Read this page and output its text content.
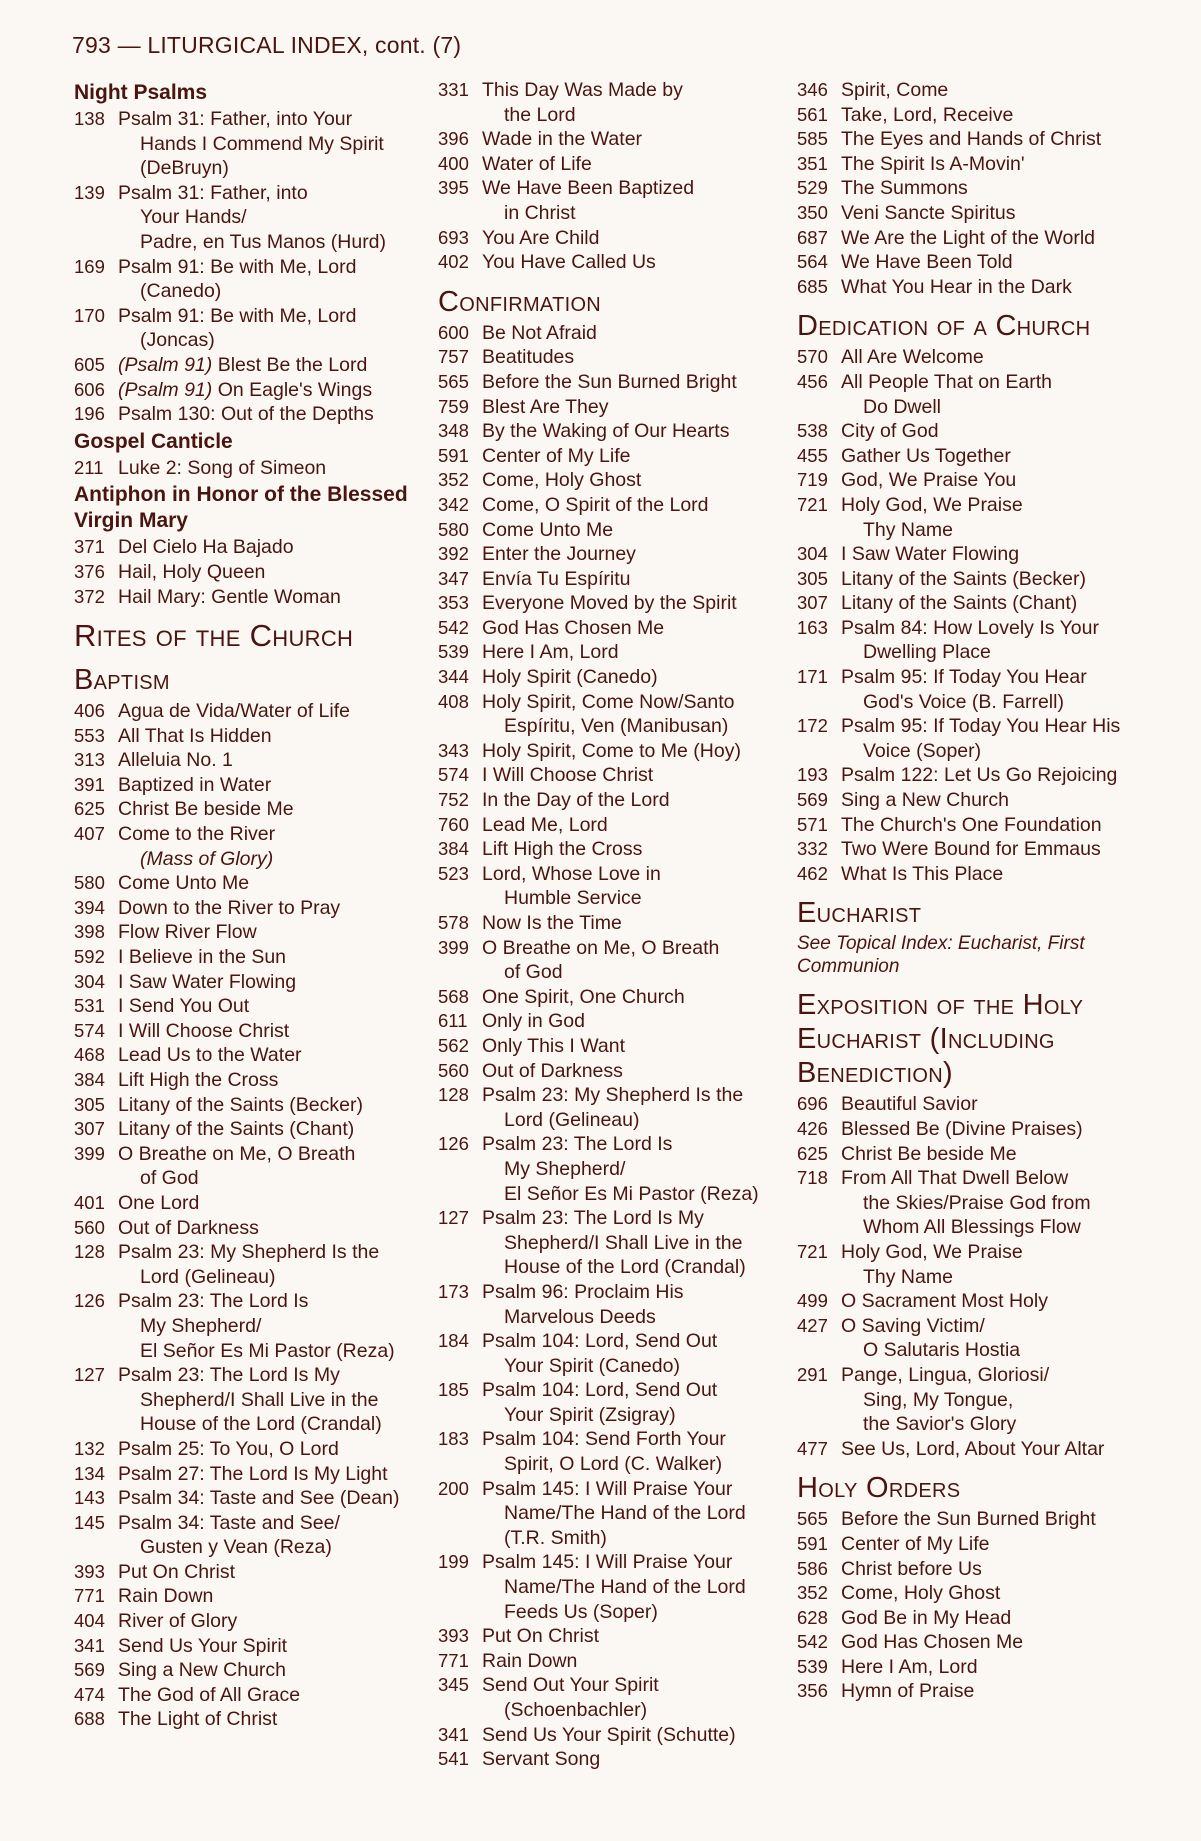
793 — LITURGICAL INDEX, cont. (7)
Night Psalms
138 Psalm 31: Father, into Your
Hands I Commend My Spirit
(DeBruyn)
139 Psalm 31: Father, into
Your Hands/
Padre, en Tus Manos (Hurd)
169 Psalm 91: Be with Me, Lord
(Canedo)
170 Psalm 91: Be with Me, Lord
(Joncas)
605 (Psalm 91) Blest Be the Lord
606 (Psalm 91) On Eagle's Wings
196 Psalm 130: Out of the Depths
Gospel Canticle
211 Luke 2: Song of Simeon
Antiphon in Honor of the Blessed Virgin Mary
371 Del Cielo Ha Bajado
376 Hail, Holy Queen
372 Hail Mary: Gentle Woman
Rites of the Church
Baptism
406 Agua de Vida/Water of Life
553 All That Is Hidden
313 Alleluia No. 1
391 Baptized in Water
625 Christ Be beside Me
407 Come to the River
(Mass of Glory)
580 Come Unto Me
394 Down to the River to Pray
398 Flow River Flow
592 I Believe in the Sun
304 I Saw Water Flowing
531 I Send You Out
574 I Will Choose Christ
468 Lead Us to the Water
384 Lift High the Cross
305 Litany of the Saints (Becker)
307 Litany of the Saints (Chant)
399 O Breathe on Me, O Breath
of God
401 One Lord
560 Out of Darkness
128 Psalm 23: My Shepherd Is the
Lord (Gelineau)
126 Psalm 23: The Lord Is
My Shepherd/
El Señor Es Mi Pastor (Reza)
127 Psalm 23: The Lord Is My
Shepherd/I Shall Live in the
House of the Lord (Crandal)
132 Psalm 25: To You, O Lord
134 Psalm 27: The Lord Is My Light
143 Psalm 34: Taste and See (Dean)
145 Psalm 34: Taste and See/
Gusten y Vean (Reza)
393 Put On Christ
771 Rain Down
404 River of Glory
341 Send Us Your Spirit
569 Sing a New Church
474 The God of All Grace
688 The Light of Christ
331 This Day Was Made by
the Lord
396 Wade in the Water
400 Water of Life
395 We Have Been Baptized
in Christ
693 You Are Child
402 You Have Called Us
Confirmation
600 Be Not Afraid
757 Beatitudes
565 Before the Sun Burned Bright
759 Blest Are They
348 By the Waking of Our Hearts
591 Center of My Life
352 Come, Holy Ghost
342 Come, O Spirit of the Lord
580 Come Unto Me
392 Enter the Journey
347 Envía Tu Espíritu
353 Everyone Moved by the Spirit
542 God Has Chosen Me
539 Here I Am, Lord
344 Holy Spirit (Canedo)
408 Holy Spirit, Come Now/Santo
Espíritu, Ven (Manibusan)
343 Holy Spirit, Come to Me (Hoy)
574 I Will Choose Christ
752 In the Day of the Lord
760 Lead Me, Lord
384 Lift High the Cross
523 Lord, Whose Love in
Humble Service
578 Now Is the Time
399 O Breathe on Me, O Breath
of God
568 One Spirit, One Church
611 Only in God
562 Only This I Want
560 Out of Darkness
128 Psalm 23: My Shepherd Is the
Lord (Gelineau)
126 Psalm 23: The Lord Is
My Shepherd/
El Señor Es Mi Pastor (Reza)
127 Psalm 23: The Lord Is My
Shepherd/I Shall Live in the
House of the Lord (Crandal)
173 Psalm 96: Proclaim His
Marvelous Deeds
184 Psalm 104: Lord, Send Out
Your Spirit (Canedo)
185 Psalm 104: Lord, Send Out
Your Spirit (Zsigray)
183 Psalm 104: Send Forth Your
Spirit, O Lord (C. Walker)
200 Psalm 145: I Will Praise Your
Name/The Hand of the Lord
(T.R. Smith)
199 Psalm 145: I Will Praise Your
Name/The Hand of the Lord
Feeds Us (Soper)
393 Put On Christ
771 Rain Down
345 Send Out Your Spirit
(Schoenbachler)
341 Send Us Your Spirit (Schutte)
541 Servant Song
346 Spirit, Come
561 Take, Lord, Receive
585 The Eyes and Hands of Christ
351 The Spirit Is A-Movin'
529 The Summons
350 Veni Sancte Spiritus
687 We Are the Light of the World
564 We Have Been Told
685 What You Hear in the Dark
Dedication of a Church
570 All Are Welcome
456 All People That on Earth
Do Dwell
538 City of God
455 Gather Us Together
719 God, We Praise You
721 Holy God, We Praise
Thy Name
304 I Saw Water Flowing
305 Litany of the Saints (Becker)
307 Litany of the Saints (Chant)
163 Psalm 84: How Lovely Is Your
Dwelling Place
171 Psalm 95: If Today You Hear
God's Voice (B. Farrell)
172 Psalm 95: If Today You Hear His
Voice (Soper)
193 Psalm 122: Let Us Go Rejoicing
569 Sing a New Church
571 The Church's One Foundation
332 Two Were Bound for Emmaus
462 What Is This Place
Eucharist
See Topical Index: Eucharist, First Communion
Exposition of the Holy Eucharist (Including Benediction)
696 Beautiful Savior
426 Blessed Be (Divine Praises)
625 Christ Be beside Me
718 From All That Dwell Below
the Skies/Praise God from
Whom All Blessings Flow
721 Holy God, We Praise
Thy Name
499 O Sacrament Most Holy
427 O Saving Victim/
O Salutaris Hostia
291 Pange, Lingua, Gloriosi/
Sing, My Tongue,
the Savior's Glory
477 See Us, Lord, About Your Altar
Holy Orders
565 Before the Sun Burned Bright
591 Center of My Life
586 Christ before Us
352 Come, Holy Ghost
628 God Be in My Head
542 God Has Chosen Me
539 Here I Am, Lord
356 Hymn of Praise
